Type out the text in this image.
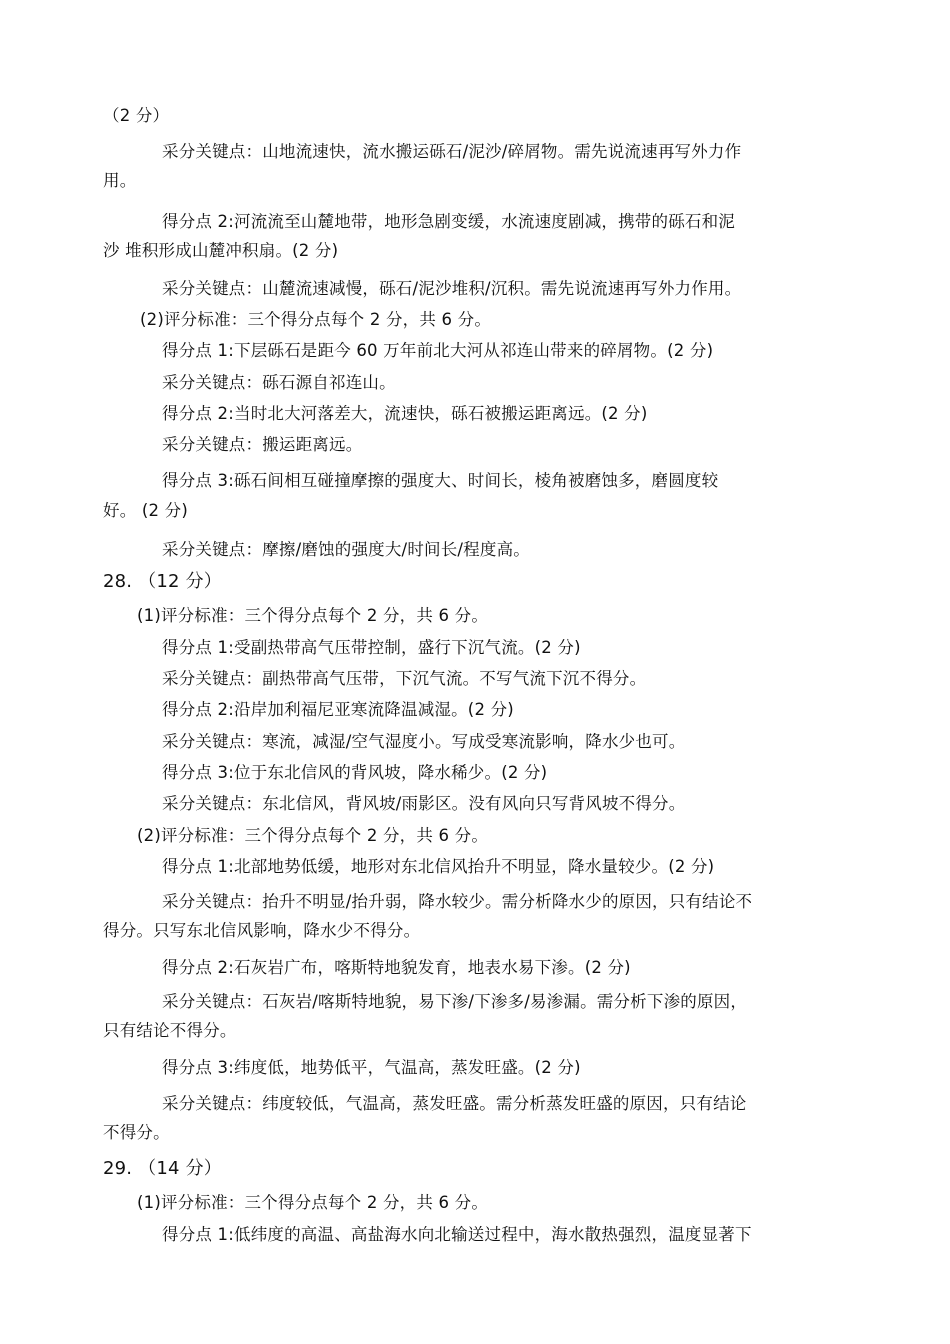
（2 分）
采分关键点：山地流速快，流水搬运砾石/泥沙/碎屑物。需先说流速再写外力作
用。
得分点 2:河流流至山麓地带，地形急剧变缓，水流速度剧减，携带的砾石和泥
沙 堆积形成山麓冲积扇。(2 分)
采分关键点：山麓流速减慢，砾石/泥沙堆积/沉积。需先说流速再写外力作用。
(2)评分标准：三个得分点每个 2 分，共 6 分。
得分点 1:下层砾石是距今 60 万年前北大河从祁连山带来的碎屑物。(2 分)
采分关键点：砾石源自祁连山。
得分点 2:当时北大河落差大，流速快，砾石被搬运距离远。(2 分)
采分关键点：搬运距离远。
得分点 3:砾石间相互碰撞摩擦的强度大、时间长，棱角被磨蚀多，磨圆度较
好。 (2 分)
采分关键点：摩擦/磨蚀的强度大/时间长/程度高。
28. （12 分）
(1)评分标准：三个得分点每个 2 分，共 6 分。
得分点 1:受副热带高气压带控制，盛行下沉气流。(2 分)
采分关键点：副热带高气压带，下沉气流。不写气流下沉不得分。
得分点 2:沿岸加利福尼亚寒流降温减湿。(2 分)
采分关键点：寒流，减湿/空气湿度小。写成受寒流影响，降水少也可。
得分点 3:位于东北信风的背风坡，降水稀少。(2 分)
采分关键点：东北信风，背风坡/雨影区。没有风向只写背风坡不得分。
(2)评分标准：三个得分点每个 2 分，共 6 分。
得分点 1:北部地势低缓，地形对东北信风抬升不明显，降水量较少。(2 分)
采分关键点：抬升不明显/抬升弱，降水较少。需分析降水少的原因，只有结论不
得分。只写东北信风影响，降水少不得分。
得分点 2:石灰岩广布，喀斯特地貌发育，地表水易下渗。(2 分)
采分关键点：石灰岩/喀斯特地貌，易下渗/下渗多/易渗漏。需分析下渗的原因，
只有结论不得分。
得分点 3:纬度低，地势低平，气温高，蒸发旺盛。(2 分)
采分关键点：纬度较低，气温高，蒸发旺盛。需分析蒸发旺盛的原因，只有结论
不得分。
29. （14 分）
(1)评分标准：三个得分点每个 2 分，共 6 分。
得分点 1:低纬度的高温、高盐海水向北输送过程中，海水散热强烈，温度显著下
